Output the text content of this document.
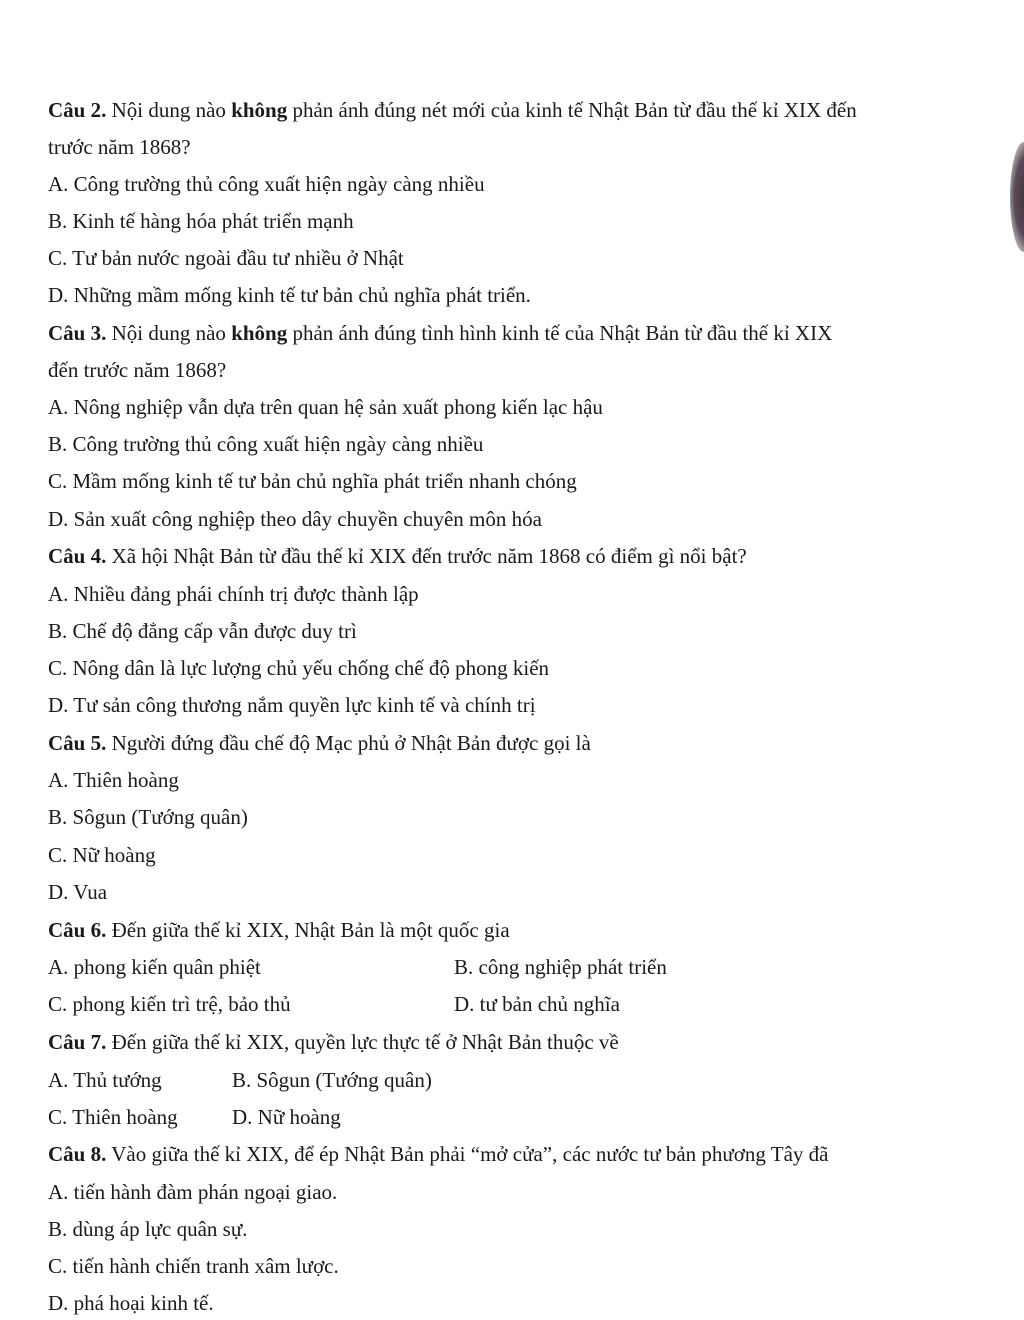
Câu 2. Nội dung nào không phản ánh đúng nét mới của kinh tế Nhật Bản từ đầu thế kỉ XIX đến
trước năm 1868?
A. Công trường thủ công xuất hiện ngày càng nhiều
B. Kinh tế hàng hóa phát triển mạnh
C. Tư bản nước ngoài đầu tư nhiều ở Nhật
D. Những mầm mống kinh tế tư bản chủ nghĩa phát triển.
Câu 3. Nội dung nào không phản ánh đúng tình hình kinh tế của Nhật Bản từ đầu thế kỉ XIX
đến trước năm 1868?
A. Nông nghiệp vẫn dựa trên quan hệ sản xuất phong kiến lạc hậu
B. Công trường thủ công xuất hiện ngày càng nhiều
C. Mầm mống kinh tế tư bản chủ nghĩa phát triển nhanh chóng
D. Sản xuất công nghiệp theo dây chuyền chuyên môn hóa
Câu 4. Xã hội Nhật Bản từ đầu thế kỉ XIX đến trước năm 1868 có điểm gì nổi bật?
A. Nhiều đảng phái chính trị được thành lập
B. Chế độ đẳng cấp vẫn được duy trì
C. Nông dân là lực lượng chủ yếu chống chế độ phong kiến
D. Tư sản công thương nắm quyền lực kinh tế và chính trị
Câu 5. Người đứng đầu chế độ Mạc phủ ở Nhật Bản được gọi là
A. Thiên hoàng
B. Sôgun (Tướng quân)
C. Nữ hoàng
D. Vua
Câu 6. Đến giữa thế kỉ XIX, Nhật Bản là một quốc gia
A. phong kiến quân phiệt	B. công nghiệp phát triển
C. phong kiến trì trệ, bảo thủ	D. tư bản chủ nghĩa
Câu 7. Đến giữa thế kỉ XIX, quyền lực thực tế ở Nhật Bản thuộc về
A. Thủ tướng	B. Sôgun (Tướng quân)
C. Thiên hoàng	D. Nữ hoàng
Câu 8. Vào giữa thế kỉ XIX, để ép Nhật Bản phải “mở cửa”, các nước tư bản phương Tây đã
A. tiến hành đàm phán ngoại giao.
B. dùng áp lực quân sự.
C. tiến hành chiến tranh xâm lược.
D. phá hoại kinh tế.
